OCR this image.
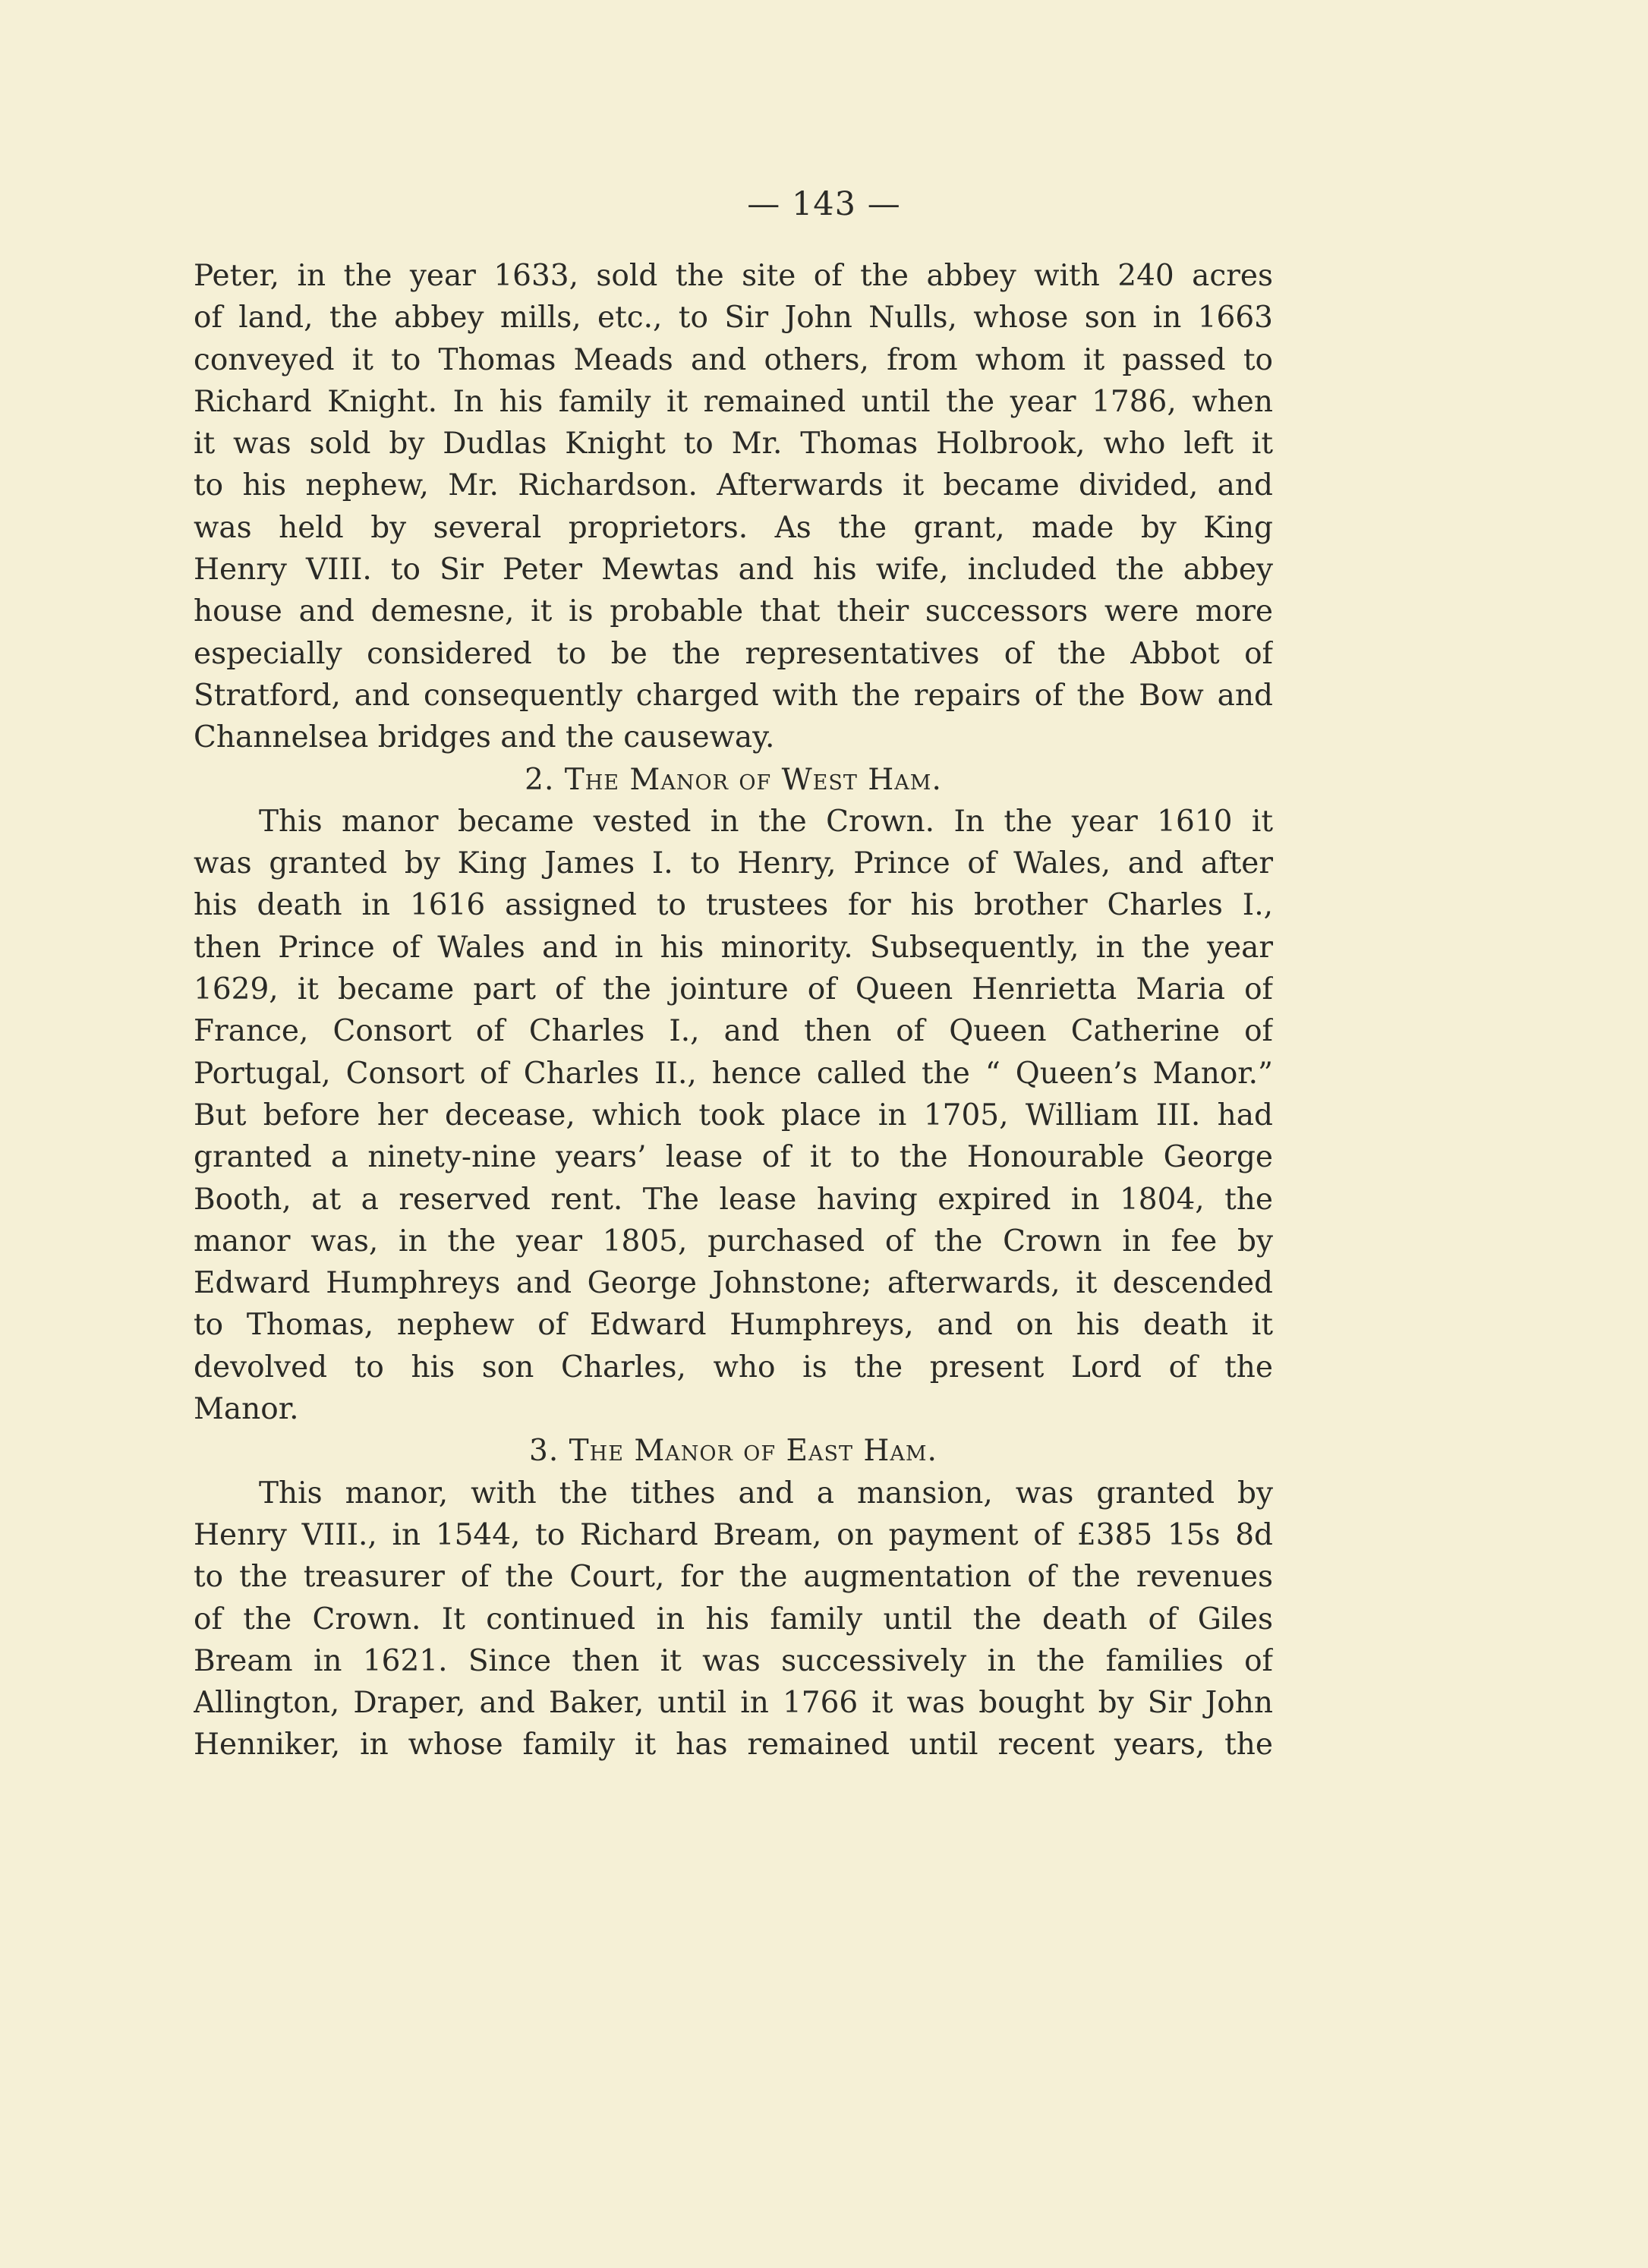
— 143 —
Peter, in the year 1633, sold the site of the abbey with 240 acres
of land, the abbey mills, etc., to Sir John Nulls, whose son in 1663
conveyed it to Thomas Meads and others, from whom it passed to
Richard Knight. In his family it remained until the year 1786, when
it was sold by Dudlas Knight to Mr. Thomas Holbrook, who left it
to his nephew, Mr. Richardson. Afterwards it became divided, and
was held by several proprietors. As the grant, made by King
Henry VIII. to Sir Peter Mewtas and his wife, included the abbey
house and demesne, it is probable that their successors were more
especially considered to be the representatives of the Abbot of
Stratford, and consequently charged with the repairs of the Bow and
Channelsea bridges and the causeway.
2. The Manor of West Ham.
This manor became vested in the Crown. In the year 1610 it
was granted by King James I. to Henry, Prince of Wales, and after
his death in 1616 assigned to trustees for his brother Charles I.,
then Prince of Wales and in his minority. Subsequently, in the year
1629, it became part of the jointure of Queen Henrietta Maria of
France, Consort of Charles I., and then of Queen Catherine of
Portugal, Consort of Charles II., hence called the “ Queen’s Manor.”
But before her decease, which took place in 1705, William III. had
granted a ninety-nine years’ lease of it to the Honourable George
Booth, at a reserved rent. The lease having expired in 1804, the
manor was, in the year 1805, purchased of the Crown in fee by
Edward Humphreys and George Johnstone; afterwards, it descended
to Thomas, nephew of Edward Humphreys, and on his death it
devolved to his son Charles, who is the present Lord of the
Manor.
3. The Manor of East Ham.
This manor, with the tithes and a mansion, was granted by
Henry VIII., in 1544, to Richard Bream, on payment of £385 15s 8d
to the treasurer of the Court, for the augmentation of the revenues
of the Crown. It continued in his family until the death of Giles
Bream in 1621. Since then it was successively in the families of
Allington, Draper, and Baker, until in 1766 it was bought by Sir John
Henniker, in whose family it has remained until recent years, the
